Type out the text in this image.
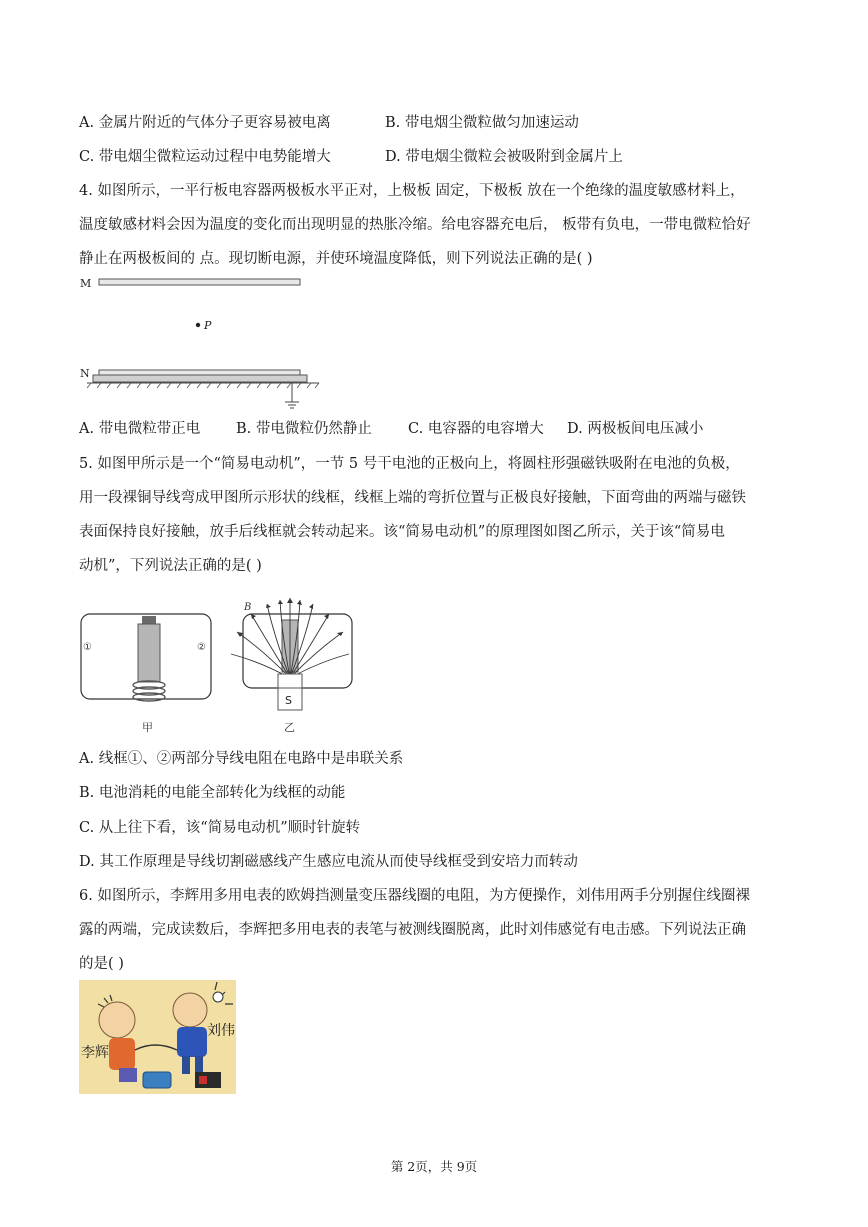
A. 金属片附近的气体分子更容易被电离	B. 带电烟尘微粒做匀加速运动
C. 带电烟尘微粒运动过程中电势能增大	D. 带电烟尘微粒会被吸附到金属片上
4. 如图所示，一平行板电容器两极板水平正对，上极板 固定，下极板 放在一个绝缘的温度敏感材料上，
温度敏感材料会因为温度的变化而出现明显的热胀冷缩。给电容器充电后， 板带有负电，一带电微粒恰好
静止在两极板间的 点。现切断电源，并使环境温度降低，则下列说法正确的是( )
M
P
N
A. 带电微粒带正电 B. 带电微粒仍然静止 C. 电容器的电容增大 D. 两极板间电压减小
5. 如图甲所示是一个“简易电动机”，一节 5 号干电池的正极向上，将圆柱形强磁铁吸附在电池的负极，
用一段裸铜导线弯成甲图所示形状的线框，线框上端的弯折位置与正极良好接触，下面弯曲的两端与磁铁
表面保持良好接触，放手后线框就会转动起来。该“简易电动机”的原理图如图乙所示，关于该“简易电
动机”，下列说法正确的是( )
①	②
甲
B
S
乙
A. 线框①、②两部分导线电阻在电路中是串联关系
B. 电池消耗的电能全部转化为线框的动能
C. 从上往下看，该“简易电动机”顺时针旋转
D. 其工作原理是导线切割磁感线产生感应电流从而使导线框受到安培力而转动
6. 如图所示，李辉用多用电表的欧姆挡测量变压器线圈的电阻，为方便操作，刘伟用两手分别握住线圈裸
露的两端，完成读数后，李辉把多用电表的表笔与被测线圈脱离，此时刘伟感觉有电击感。下列说法正确
的是( )
李辉
刘伟
第 2页，共 9页
